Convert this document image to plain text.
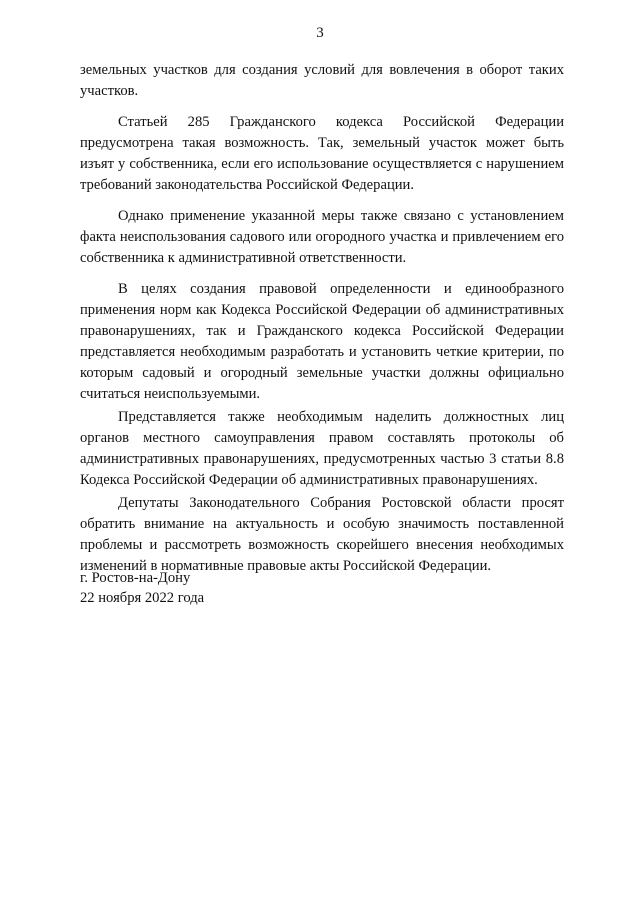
3

земельных участков для создания условий для вовлечения в оборот таких участков.

Статьей 285 Гражданского кодекса Российской Федерации предусмотрена такая возможность. Так, земельный участок может быть изъят у собственника, если его использование осуществляется с нарушением требований законодательства Российской Федерации.

Однако применение указанной меры также связано с установлением факта неиспользования садового или огородного участка и привлечением его собственника к административной ответственности.

В целях создания правовой определенности и единообразного применения норм как Кодекса Российской Федерации об административных правонарушениях, так и Гражданского кодекса Российской Федерации представляется необходимым разработать и установить четкие критерии, по которым садовый и огородный земельные участки должны официально считаться неиспользуемыми.

Представляется также необходимым наделить должностных лиц органов местного самоуправления правом составлять протоколы об административных правонарушениях, предусмотренных частью 3 статьи 8.8 Кодекса Российской Федерации об административных правонарушениях.

Депутаты Законодательного Собрания Ростовской области просят обратить внимание на актуальность и особую значимость поставленной проблемы и рассмотреть возможность скорейшего внесения необходимых изменений в нормативные правовые акты Российской Федерации.

г. Ростов-на-Дону
22 ноября 2022 года
